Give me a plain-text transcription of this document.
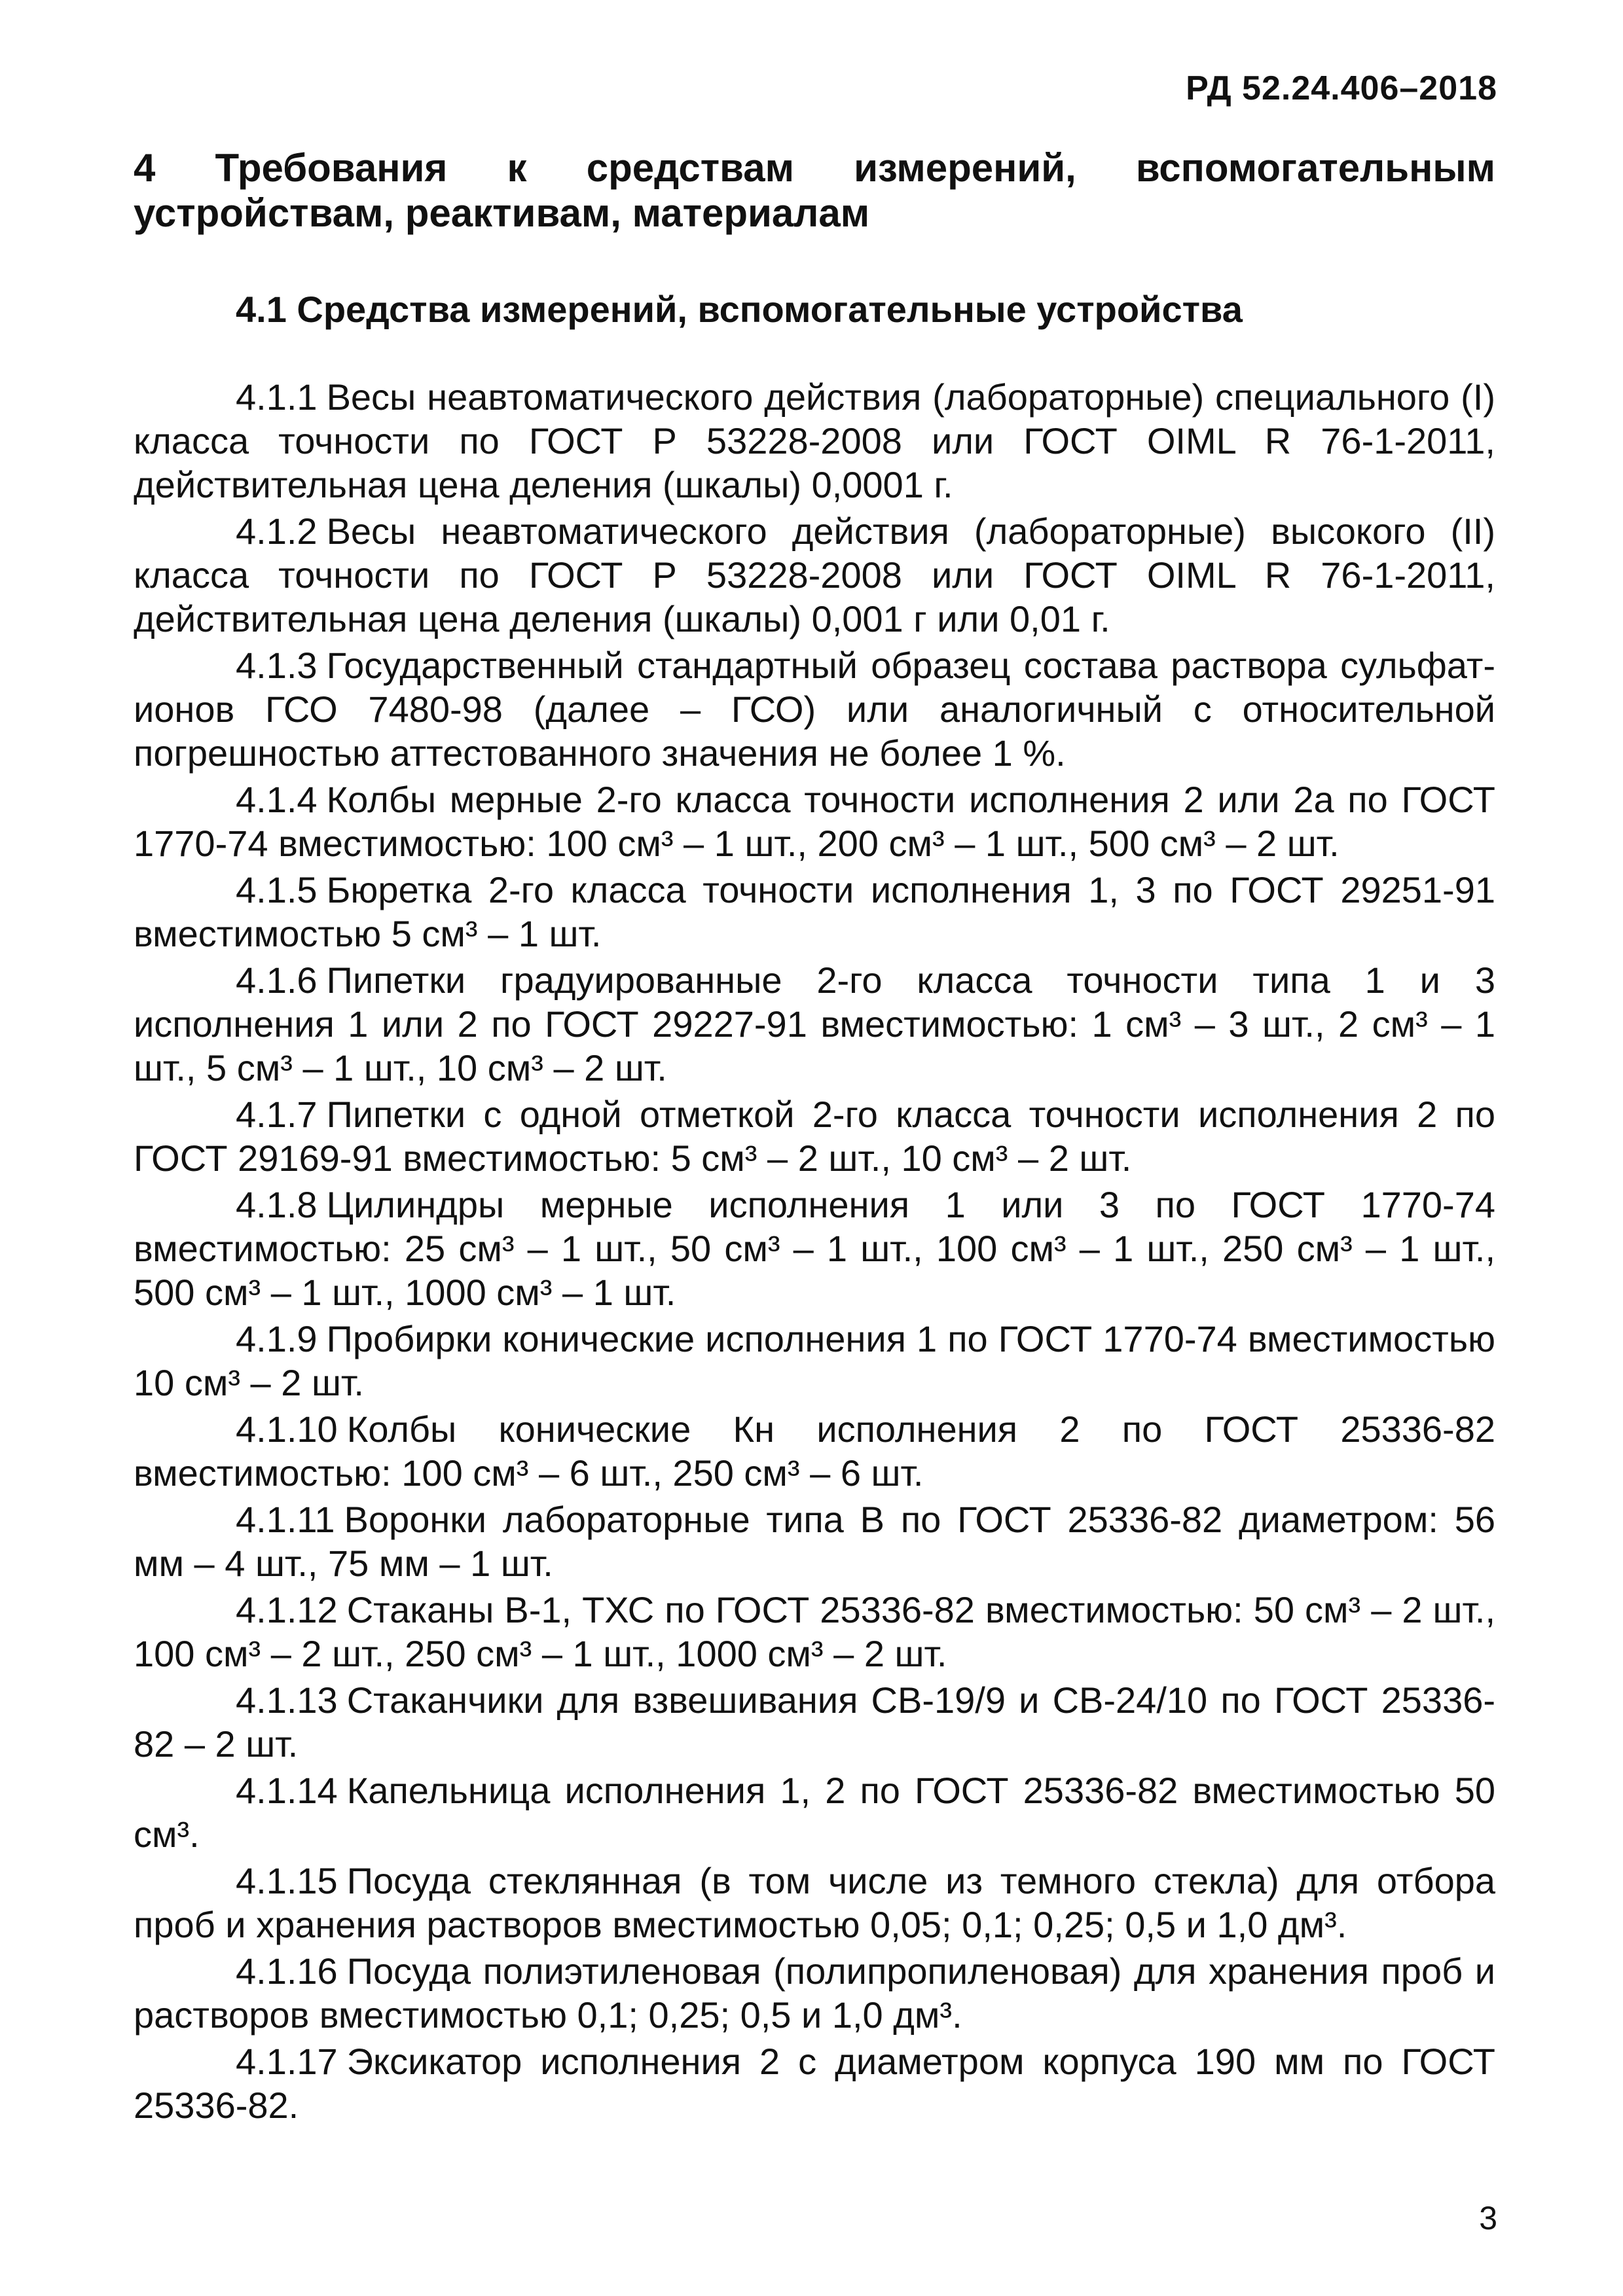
РД 52.24.406–2018
4 Требования к средствам измерений, вспомогательным устройствам, реактивам, материалам
4.1 Средства измерений, вспомогательные устройства

4.1.1 Весы неавтоматического действия (лабораторные) специального (I) класса точности по ГОСТ Р 53228-2008 или ГОСТ OIML R 76-1-2011, действительная цена деления (шкалы) 0,0001 г.

4.1.2 Весы неавтоматического действия (лабораторные) высокого (II) класса точности по ГОСТ Р 53228-2008 или ГОСТ OIML R 76-1-2011, действительная цена деления (шкалы) 0,001 г или 0,01 г.

4.1.3 Государственный стандартный образец состава раствора сульфат-ионов ГСО 7480-98 (далее – ГСО) или аналогичный с относительной погрешностью аттестованного значения не более 1 %.

4.1.4 Колбы мерные 2-го класса точности исполнения 2 или 2а по ГОСТ 1770-74 вместимостью: 100 см³ – 1 шт., 200 см³ – 1 шт., 500 см³ – 2 шт.

4.1.5 Бюретка 2-го класса точности исполнения 1, 3 по ГОСТ 29251-91 вместимостью 5 см³ – 1 шт.

4.1.6 Пипетки градуированные 2-го класса точности типа 1 и 3 исполнения 1 или 2 по ГОСТ 29227-91 вместимостью: 1 см³ – 3 шт., 2 см³ – 1 шт., 5 см³ – 1 шт., 10 см³ – 2 шт.

4.1.7 Пипетки с одной отметкой 2-го класса точности исполнения 2 по ГОСТ 29169-91 вместимостью: 5 см³ – 2 шт., 10 см³ – 2 шт.

4.1.8 Цилиндры мерные исполнения 1 или 3 по ГОСТ 1770-74 вместимостью: 25 см³ – 1 шт., 50 см³ – 1 шт., 100 см³ – 1 шт., 250 см³ – 1 шт., 500 см³ – 1 шт., 1000 см³ – 1 шт.

4.1.9 Пробирки конические исполнения 1 по ГОСТ 1770-74 вместимостью 10 см³ – 2 шт.

4.1.10 Колбы конические Кн исполнения 2 по ГОСТ 25336-82 вместимостью: 100 см³ – 6 шт., 250 см³ – 6 шт.

4.1.11 Воронки лабораторные типа В по ГОСТ 25336-82 диаметром: 56 мм – 4 шт., 75 мм – 1 шт.

4.1.12 Стаканы В-1, ТХС по ГОСТ 25336-82 вместимостью: 50 см³ – 2 шт., 100 см³ – 2 шт., 250 см³ – 1 шт., 1000 см³ – 2 шт.

4.1.13 Стаканчики для взвешивания СВ-19/9 и СВ-24/10 по ГОСТ 25336-82 – 2 шт.

4.1.14 Капельница исполнения 1, 2 по ГОСТ 25336-82 вместимостью 50 см³.

4.1.15 Посуда стеклянная (в том числе из темного стекла) для отбора проб и хранения растворов вместимостью 0,05; 0,1; 0,25; 0,5 и 1,0 дм³.

4.1.16 Посуда полиэтиленовая (полипропиленовая) для хранения проб и растворов вместимостью 0,1; 0,25; 0,5 и 1,0 дм³.

4.1.17 Эксикатор исполнения 2 с диаметром корпуса 190 мм по ГОСТ 25336-82.

3
